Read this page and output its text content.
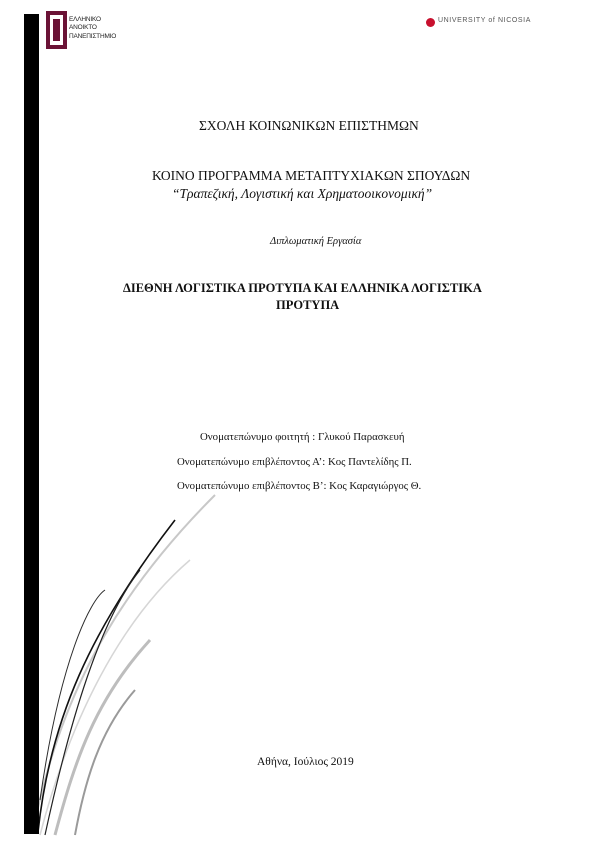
ΕΛΛΗΝΙΚΟ
ΑΝΟΙΚΤΟ
ΠΑΝΕΠΙΣΤΗΜΙΟ
UNIVERSITY of NICOSIA
ΣΧΟΛΗ ΚΟΙΝΩΝΙΚΩΝ ΕΠΙΣΤΗΜΩΝ
ΚΟΙΝΟ ΠΡΟΓΡΑΜΜΑ ΜΕΤΑΠΤΥΧΙΑΚΩΝ ΣΠΟΥΔΩΝ
“Τραπεζική, Λογιστική και Χρηματοοικονομική”
Διπλωματική Εργασία
ΔΙΕΘΝΗ ΛΟΓΙΣΤΙΚΑ ΠΡΟΤΥΠΑ ΚΑΙ ΕΛΛΗΝΙΚΑ ΛΟΓΙΣΤΙΚΑ
ΠΡΟΤΥΠΑ
Ονοματεπώνυμο φοιτητή : Γλυκού Παρασκευή
Ονοματεπώνυμο επιβλέποντος Α’: Κος Παντελίδης Π.
Ονοματεπώνυμο επιβλέποντος Β’: Κος Καραγιώργος Θ.
Αθήνα, Ιούλιος 2019
